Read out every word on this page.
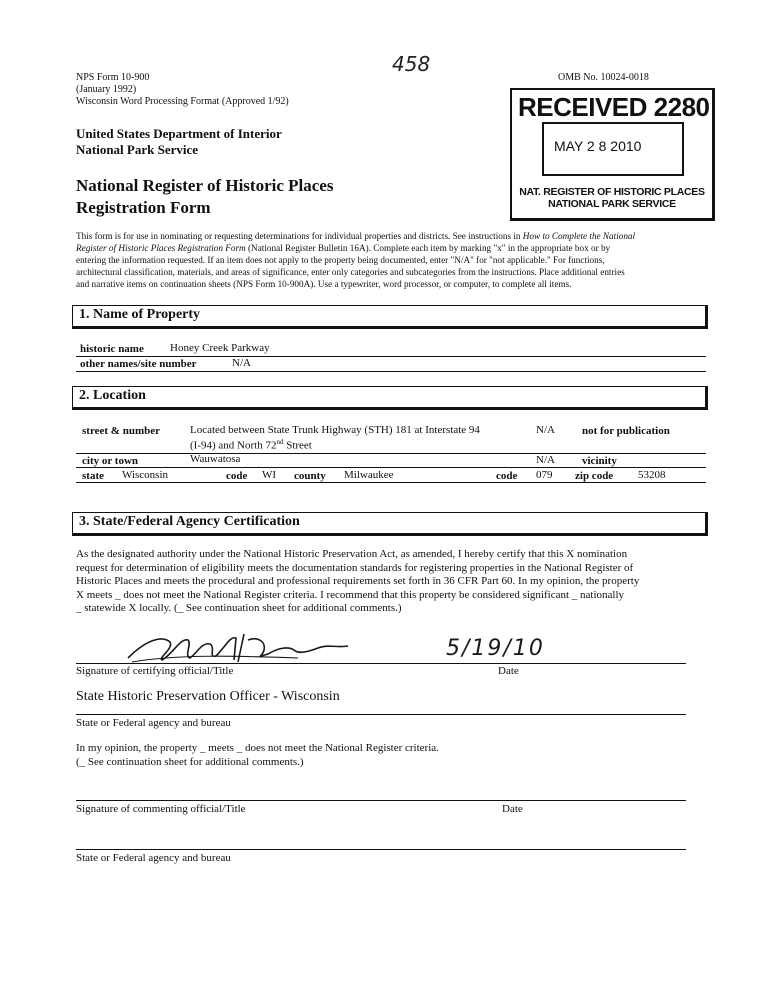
NPS Form 10-900
(January 1992)
Wisconsin Word Processing Format (Approved 1/92)
OMB No. 10024-0018
458
United States Department of Interior
National Park Service
National Register of Historic Places
Registration Form
RECEIVED 2280
MAY 2 8 2010
NAT. REGISTER OF HISTORIC PLACES
NATIONAL PARK SERVICE
This form is for use in nominating or requesting determinations for individual properties and districts. See instructions in How to Complete the National
Register of Historic Places Registration Form (National Register Bulletin 16A). Complete each item by marking "x" in the appropriate box or by
entering the information requested. If an item does not apply to the property being documented, enter "N/A" for "not applicable." For functions,
architectural classification, materials, and areas of significance, enter only categories and subcategories from the instructions. Place additional entries
and narrative items on continuation sheets (NPS Form 10-900A). Use a typewriter, word processor, or computer, to complete all items.
1. Name of Property
historic name Honey Creek Parkway
other names/site number	N/A
2. Location
street & number	Located between State Trunk Highway (STH) 181 at Interstate 94
(I-94) and North 72nd Street
N/A not for publication
city or town	Wauwatosa	N/A vicinity
state Wisconsin	code WI county Milwaukee	code 079 zip code 53208
3. State/Federal Agency Certification
As the designated authority under the National Historic Preservation Act, as amended, I hereby certify that this X nomination
request for determination of eligibility meets the documentation standards for registering properties in the National Register of
Historic Places and meets the procedural and professional requirements set forth in 36 CFR Part 60. In my opinion, the property
X meets _ does not meet the National Register criteria. I recommend that this property be considered significant _ nationally
_ statewide X locally. (_ See continuation sheet for additional comments.)
5/19/10
Signature of certifying official/Title	Date
State Historic Preservation Officer - Wisconsin
State or Federal agency and bureau
In my opinion, the property _ meets _ does not meet the National Register criteria.
(_ See continuation sheet for additional comments.)
Signature of commenting official/Title	Date
State or Federal agency and bureau
